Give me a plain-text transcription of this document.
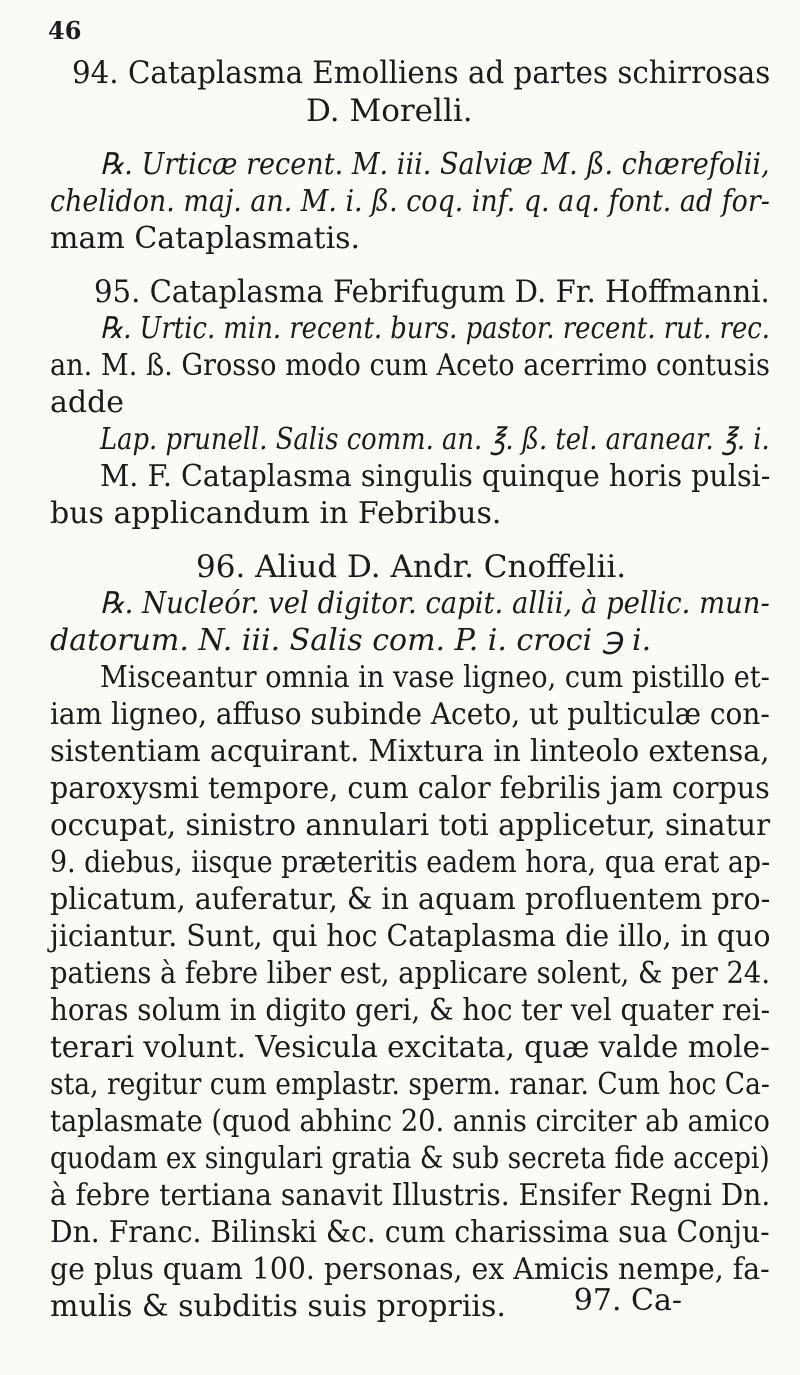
46
94. Cataplasma Emolliens ad partes schirrosas
D. Morelli.
℞. Urticæ recent. M. iii. Salviæ M. ß. chærefolii,
chelidon. maj. an. M. i. ß. coq. inf. q. aq. font. ad for-
mam Cataplasmatis.
95. Cataplasma Febrifugum D. Fr. Hoffmanni.
℞. Urtic. min. recent. burs. pastor. recent. rut. rec.
an. M. ß. Grosso modo cum Aceto acerrimo contusis
adde
Lap. prunell. Salis comm. an. ℥. ß. tel. aranear. ℥. i.
M. F. Cataplasma singulis quinque horis pulsi-
bus applicandum in Febribus.
96. Aliud D. Andr. Cnoffelii.
℞. Nucleór. vel digitor. capit. allii, à pellic. mun-
datorum. N. iii. Salis com. P. i. croci ℈ i.
Misceantur omnia in vase ligneo, cum pistillo et-
iam ligneo, affuso subinde Aceto, ut pulticulæ con-
sistentiam acquirant. Mixtura in linteolo extensa,
paroxysmi tempore, cum calor febrilis jam corpus
occupat, sinistro annulari toti applicetur, sinatur
9. diebus, iisque præteritis eadem hora, qua erat ap-
plicatum, auferatur, & in aquam profluentem pro-
jiciantur. Sunt, qui hoc Cataplasma die illo, in quo
patiens à febre liber est, applicare solent, & per 24.
horas solum in digito geri, & hoc ter vel quater rei-
terari volunt. Vesicula excitata, quæ valde mole-
sta, regitur cum emplastr. sperm. ranar. Cum hoc Ca-
taplasmate (quod abhinc 20. annis circiter ab amico
quodam ex singulari gratia & sub secreta fide accepi)
à febre tertiana sanavit Illustris. Ensifer Regni Dn.
Dn. Franc. Bilinski &c. cum charissima sua Conju-
ge plus quam 100. personas, ex Amicis nempe, fa-
mulis & subditis suis propriis. 97. Ca-
